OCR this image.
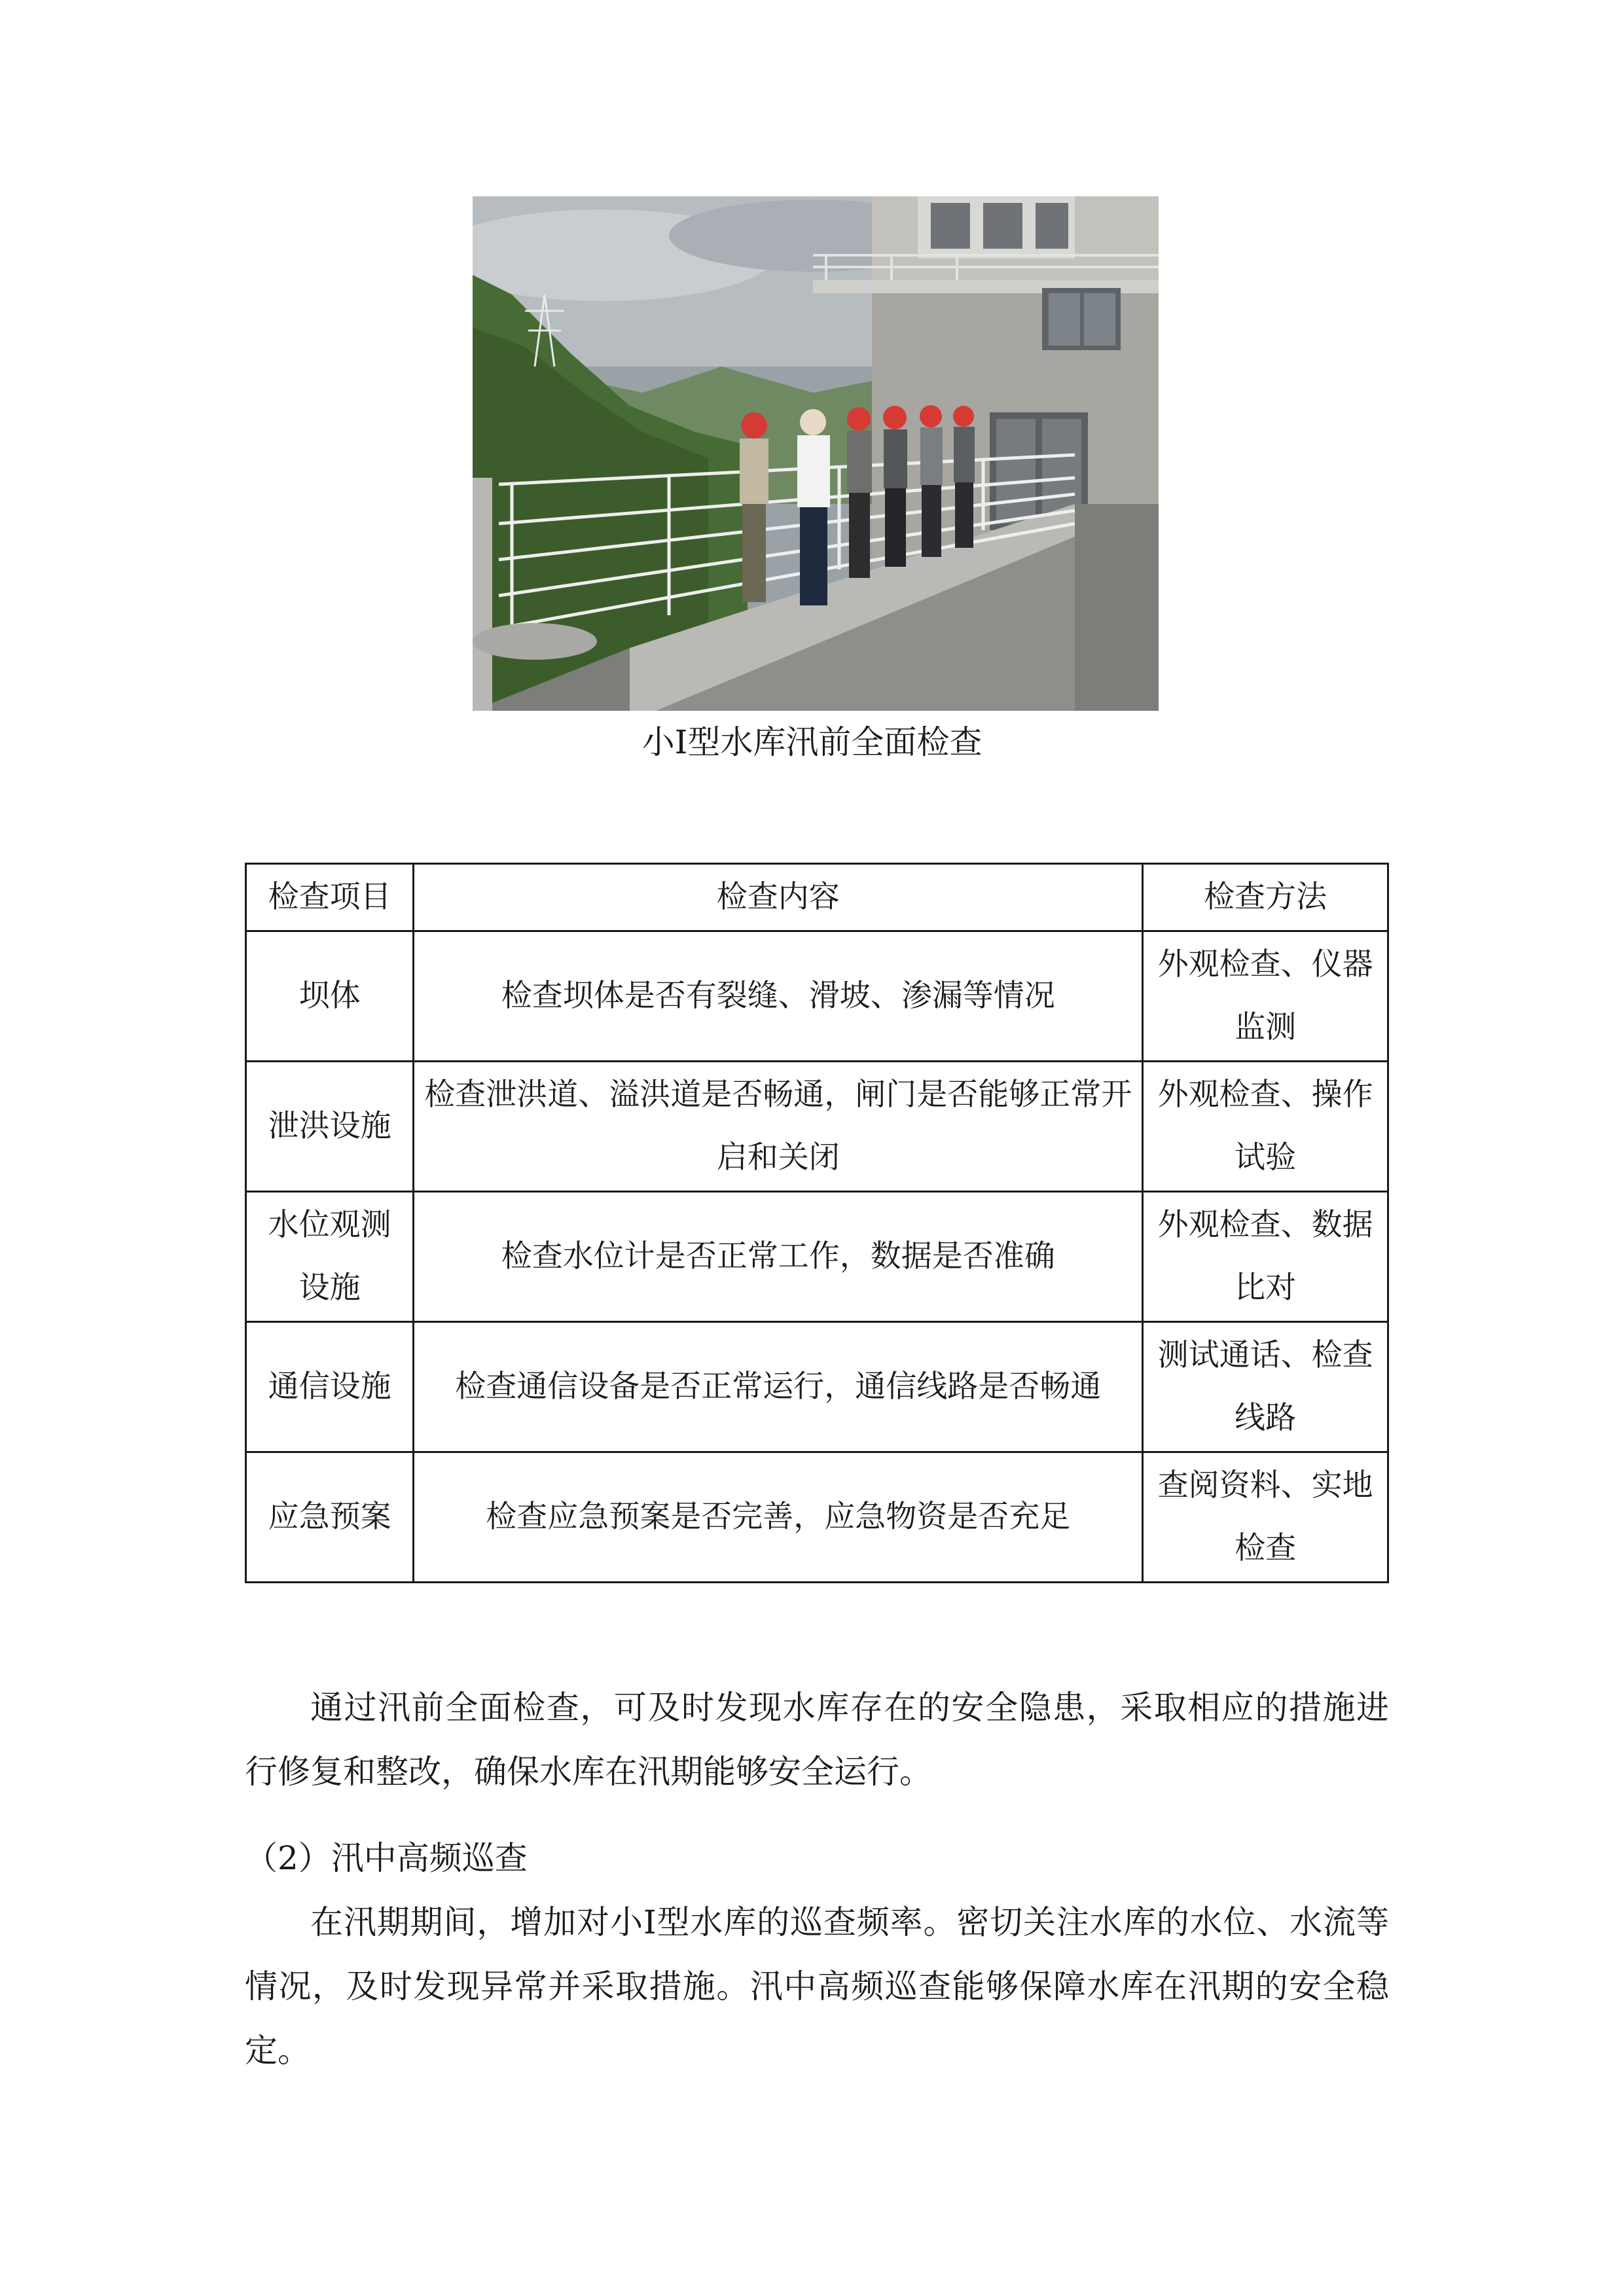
小Ⅰ型水库汛前全面检查
检查项目	检查内容	检查方法
坝体	检查坝体是否有裂缝、滑坡、渗漏等情况	外观检查、仪器监测
泄洪设施	检查泄洪道、溢洪道是否畅通，闸门是否能够正常开启和关闭	外观检查、操作试验
水位观测设施	检查水位计是否正常工作，数据是否准确	外观检查、数据比对
通信设施	检查通信设备是否正常运行，通信线路是否畅通	测试通话、检查线路
应急预案	检查应急预案是否完善，应急物资是否充足	查阅资料、实地检查

通过汛前全面检查，可及时发现水库存在的安全隐患，采取相应的措施进行修复和整改，确保水库在汛期能够安全运行。

（2）汛中高频巡查

在汛期期间，增加对小Ⅰ型水库的巡查频率。密切关注水库的水位、水流等情况，及时发现异常并采取措施。汛中高频巡查能够保障水库在汛期的安全稳定。
